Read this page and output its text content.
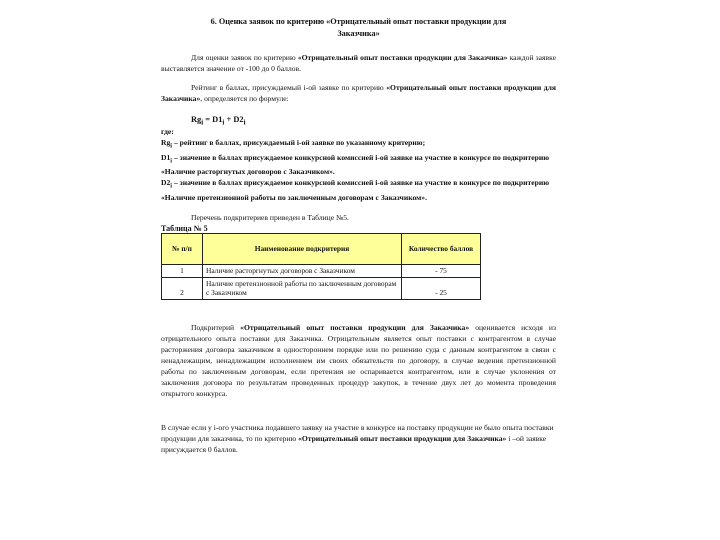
6. Оценка заявок по критерию «Отрицательный опыт поставки продукции для
Заказчика»
Для оценки заявок по критерию «Отрицательный опыт поставки продукции для Заказчика» каждой заявке выставляется значение от -100 до 0 баллов.
Рейтинг в баллах, присуждаемый i-ой заявке по критерию «Отрицательный опыт поставки продукции для Заказчика», определяется по формуле:
$Rg_i = D1_i + D2_i$
где:
$Rg_i$ – рейтинг в баллах, присуждаемый i-ой заявке по указанному критерию;
$D1_i$ – значение в баллах присуждаемое конкурсной комиссией i-ой заявке на участие в конкурсе по подкритерию «Наличие расторгнутых договоров с Заказчиком».
$D2_i$ – значение в баллах присуждаемое конкурсной комиссией i-ой заявке на участие в конкурсе по подкритерию «Наличие претензионной работы по заключенным договорам с Заказчиком».
Перечень подкритериев приведен в Таблице №5.
Таблица № 5
№ п/п	Наименование подкритерия	Количество баллов
1	Наличие расторгнутых договоров с Заказчиком	- 75
2	Наличие претензионной работы по заключенным договорам с Заказчиком	- 25
Подкритерий «Отрицательный опыт поставки продукции для Заказчика» оценивается исходя из отрицательного опыта поставки для Заказчика. Отрицательным является опыт поставки с контрагентом в случае расторжения договора заказчиком в одностороннем порядке или по решению суда с данным контрагентом в связи с ненадлежащим, ненадлежащим исполнением им своих обязательств по договору, в случае ведения претензионной работы по заключенным договорам, если претензия не оспаривается контрагентом, или в случае уклонения от заключения договора по результатам проведенных процедур закупок, в течение двух лет до момента проведения открытого конкурса.
В случае если у i-ого участника подавшего заявку на участие в конкурсе на поставку продукции не было опыта поставки продукции для заказчика, то по критерию «Отрицательный опыт поставки продукции для Заказчика» i –ой заявке присуждается 0 баллов.
